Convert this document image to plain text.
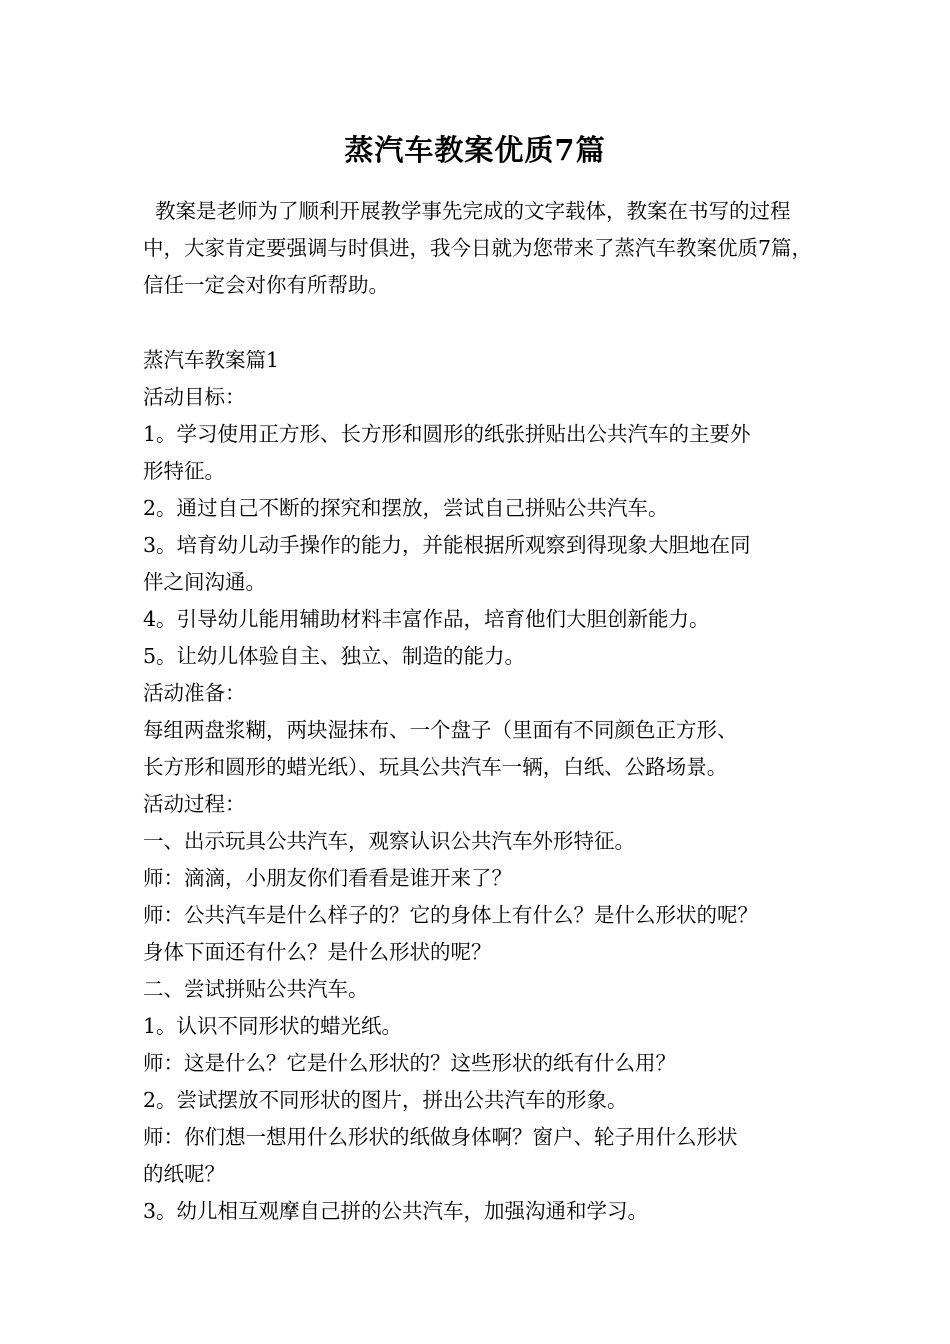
蒸汽车教案优质7篇
教案是老师为了顺利开展教学事先完成的文字载体，教案在书写的过程中，大家肯定要强调与时俱进，我今日就为您带来了蒸汽车教案优质7篇，信任一定会对你有所帮助。
蒸汽车教案篇1
活动目标：
1。学习使用正方形、长方形和圆形的纸张拼贴出公共汽车的主要外
形特征。
2。通过自己不断的探究和摆放，尝试自己拼贴公共汽车。
3。培育幼儿动手操作的能力，并能根据所观察到得现象大胆地在同
伴之间沟通。
4。引导幼儿能用辅助材料丰富作品，培育他们大胆创新能力。
5。让幼儿体验自主、独立、制造的能力。
活动准备：
每组两盘浆糊，两块湿抹布、一个盘子（里面有不同颜色正方形、
长方形和圆形的蜡光纸）、玩具公共汽车一辆，白纸、公路场景。
活动过程：
一、出示玩具公共汽车，观察认识公共汽车外形特征。
师：滴滴，小朋友你们看看是谁开来了？
师：公共汽车是什么样子的？它的身体上有什么？是什么形状的呢？
身体下面还有什么？是什么形状的呢？
二、尝试拼贴公共汽车。
1。认识不同形状的蜡光纸。
师：这是什么？它是什么形状的？这些形状的纸有什么用？
2。尝试摆放不同形状的图片，拼出公共汽车的形象。
师：你们想一想用什么形状的纸做身体啊？窗户、轮子用什么形状
的纸呢？
3。幼儿相互观摩自己拼的公共汽车，加强沟通和学习。
